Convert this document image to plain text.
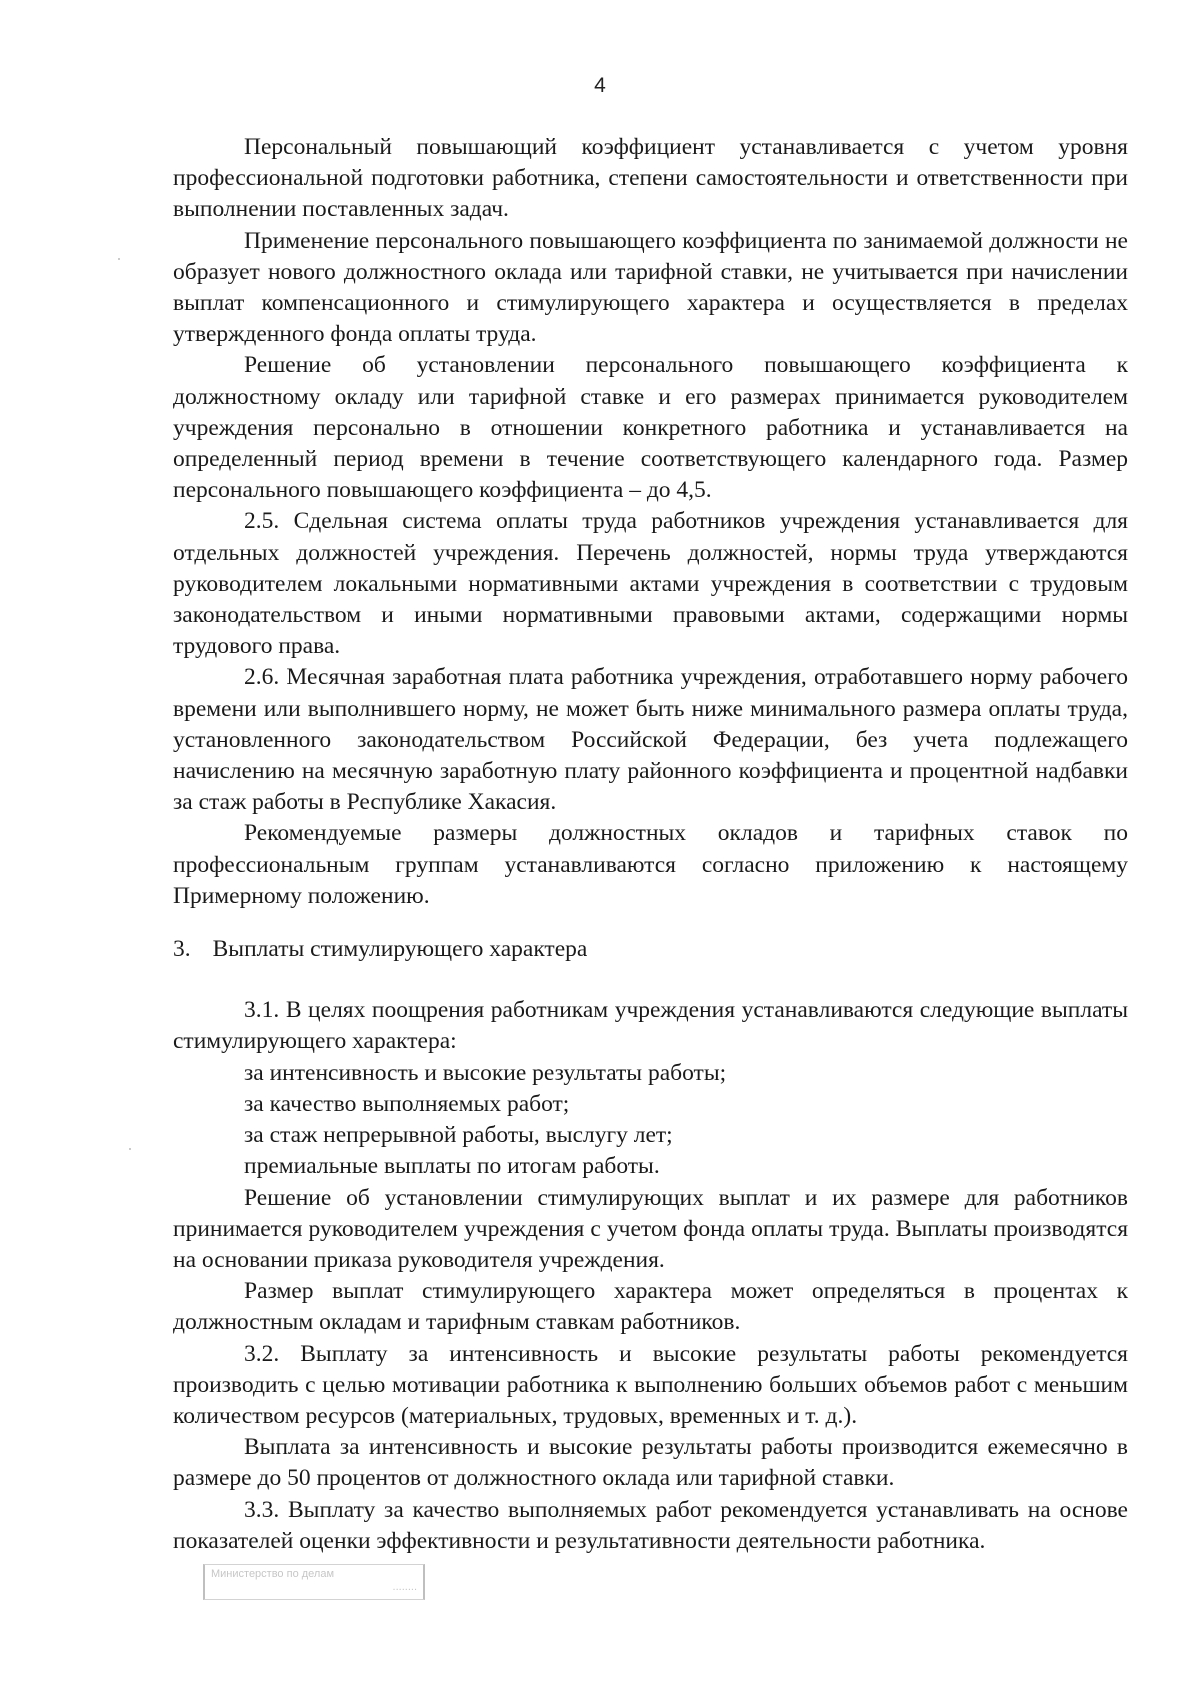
4

Персональный повышающий коэффициент устанавливается с учетом уровня профессиональной подготовки работника, степени самостоятельности и ответственности при выполнении поставленных задач.

Применение персонального повышающего коэффициента по занимаемой должности не образует нового должностного оклада или тарифной ставки, не учитывается при начислении выплат компенсационного и стимулирующего характера и осуществляется в пределах утвержденного фонда оплаты труда.

Решение об установлении персонального повышающего коэффициента к должностному окладу или тарифной ставке и его размерах принимается руководителем учреждения персонально в отношении конкретного работника и устанавливается на определенный период времени в течение соответствующего календарного года. Размер персонального повышающего коэффициента – до 4,5.

2.5. Сдельная система оплаты труда работников учреждения устанавливается для отдельных должностей учреждения. Перечень должностей, нормы труда утверждаются руководителем локальными нормативными актами учреждения в соответствии с трудовым законодательством и иными нормативными правовыми актами, содержащими нормы трудового права.

2.6. Месячная заработная плата работника учреждения, отработавшего норму рабочего времени или выполнившего норму, не может быть ниже минимального размера оплаты труда, установленного законодательством Российской Федерации, без учета подлежащего начислению на месячную заработную плату районного коэффициента и процентной надбавки за стаж работы в Республике Хакасия.

Рекомендуемые размеры должностных окладов и тарифных ставок по профессиональным группам устанавливаются согласно приложению к настоящему Примерному положению.

3. Выплаты стимулирующего характера

3.1. В целях поощрения работникам учреждения устанавливаются следующие выплаты стимулирующего характера:

за интенсивность и высокие результаты работы;

за качество выполняемых работ;

за стаж непрерывной работы, выслугу лет;

премиальные выплаты по итогам работы.

Решение об установлении стимулирующих выплат и их размере для работников принимается руководителем учреждения с учетом фонда оплаты труда. Выплаты производятся на основании приказа руководителя учреждения.

Размер выплат стимулирующего характера может определяться в процентах к должностным окладам и тарифным ставкам работников.

3.2. Выплату за интенсивность и высокие результаты работы рекомендуется производить с целью мотивации работника к выполнению больших объемов работ с меньшим количеством ресурсов (материальных, трудовых, временных и т. д.).

Выплата за интенсивность и высокие результаты работы производится ежемесячно в размере до 50 процентов от должностного оклада или тарифной ставки.

3.3. Выплату за качество выполняемых работ рекомендуется устанавливать на основе показателей оценки эффективности и результативности деятельности работника.

Министерство по делам
........
